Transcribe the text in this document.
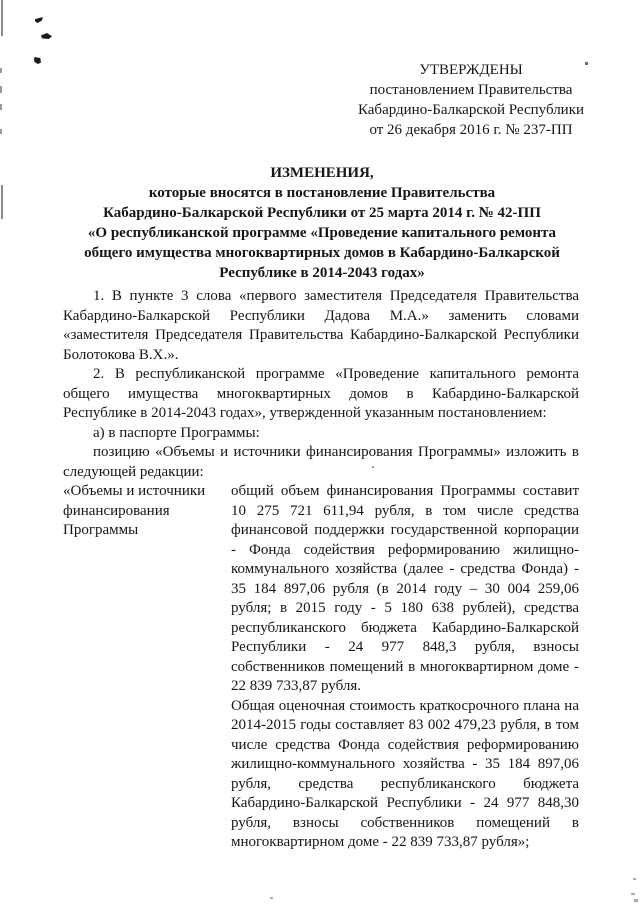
УТВЕРЖДЕНЫ
постановлением Правительства
Кабардино-Балкарской Республики
от 26 декабря 2016 г. № 237-ПП
ИЗМЕНЕНИЯ,
которые вносятся в постановление Правительства
Кабардино-Балкарской Республики от 25 марта 2014 г. № 42-ПП
«О республиканской программе «Проведение капитального ремонта
общего имущества многоквартирных домов в Кабардино-Балкарской
Республике в 2014-2043 годах»

1. В пункте 3 слова «первого заместителя Председателя Правительства Кабардино-Балкарской Республики Дадова М.А.» заменить словами «заместителя Председателя Правительства Кабардино-Балкарской Республики Болотокова В.Х.».

2. В республиканской программе «Проведение капитального ремонта общего имущества многоквартирных домов в Кабардино-Балкарской Республике в 2014-2043 годах», утвержденной указанным постановлением:

а) в паспорте Программы:

позицию «Объемы и источники финансирования Программы» изложить в следующей редакции:

«Объемы и источники финансирования Программы

общий объем финансирования Программы составит 10 275 721 611,94 рубля, в том числе средства финансовой поддержки государственной корпорации - Фонда содействия реформированию жилищно-коммунального хозяйства (далее - средства Фонда) - 35 184 897,06 рубля (в 2014 году – 30 004 259,06 рубля; в 2015 году - 5 180 638 рублей), средства республиканского бюджета Кабардино-Балкарской Республики - 24 977 848,3 рубля, взносы собственников помещений в многоквартирном доме - 22 839 733,87 рубля.

Общая оценочная стоимость краткосрочного плана на 2014-2015 годы составляет 83 002 479,23 рубля, в том числе средства Фонда содействия реформированию жилищно-коммунального хозяйства - 35 184 897,06 рубля, средства республиканского бюджета Кабардино-Балкарской Республики - 24 977 848,30 рубля, взносы собственников помещений в многоквартирном доме - 22 839 733,87 рубля»;
